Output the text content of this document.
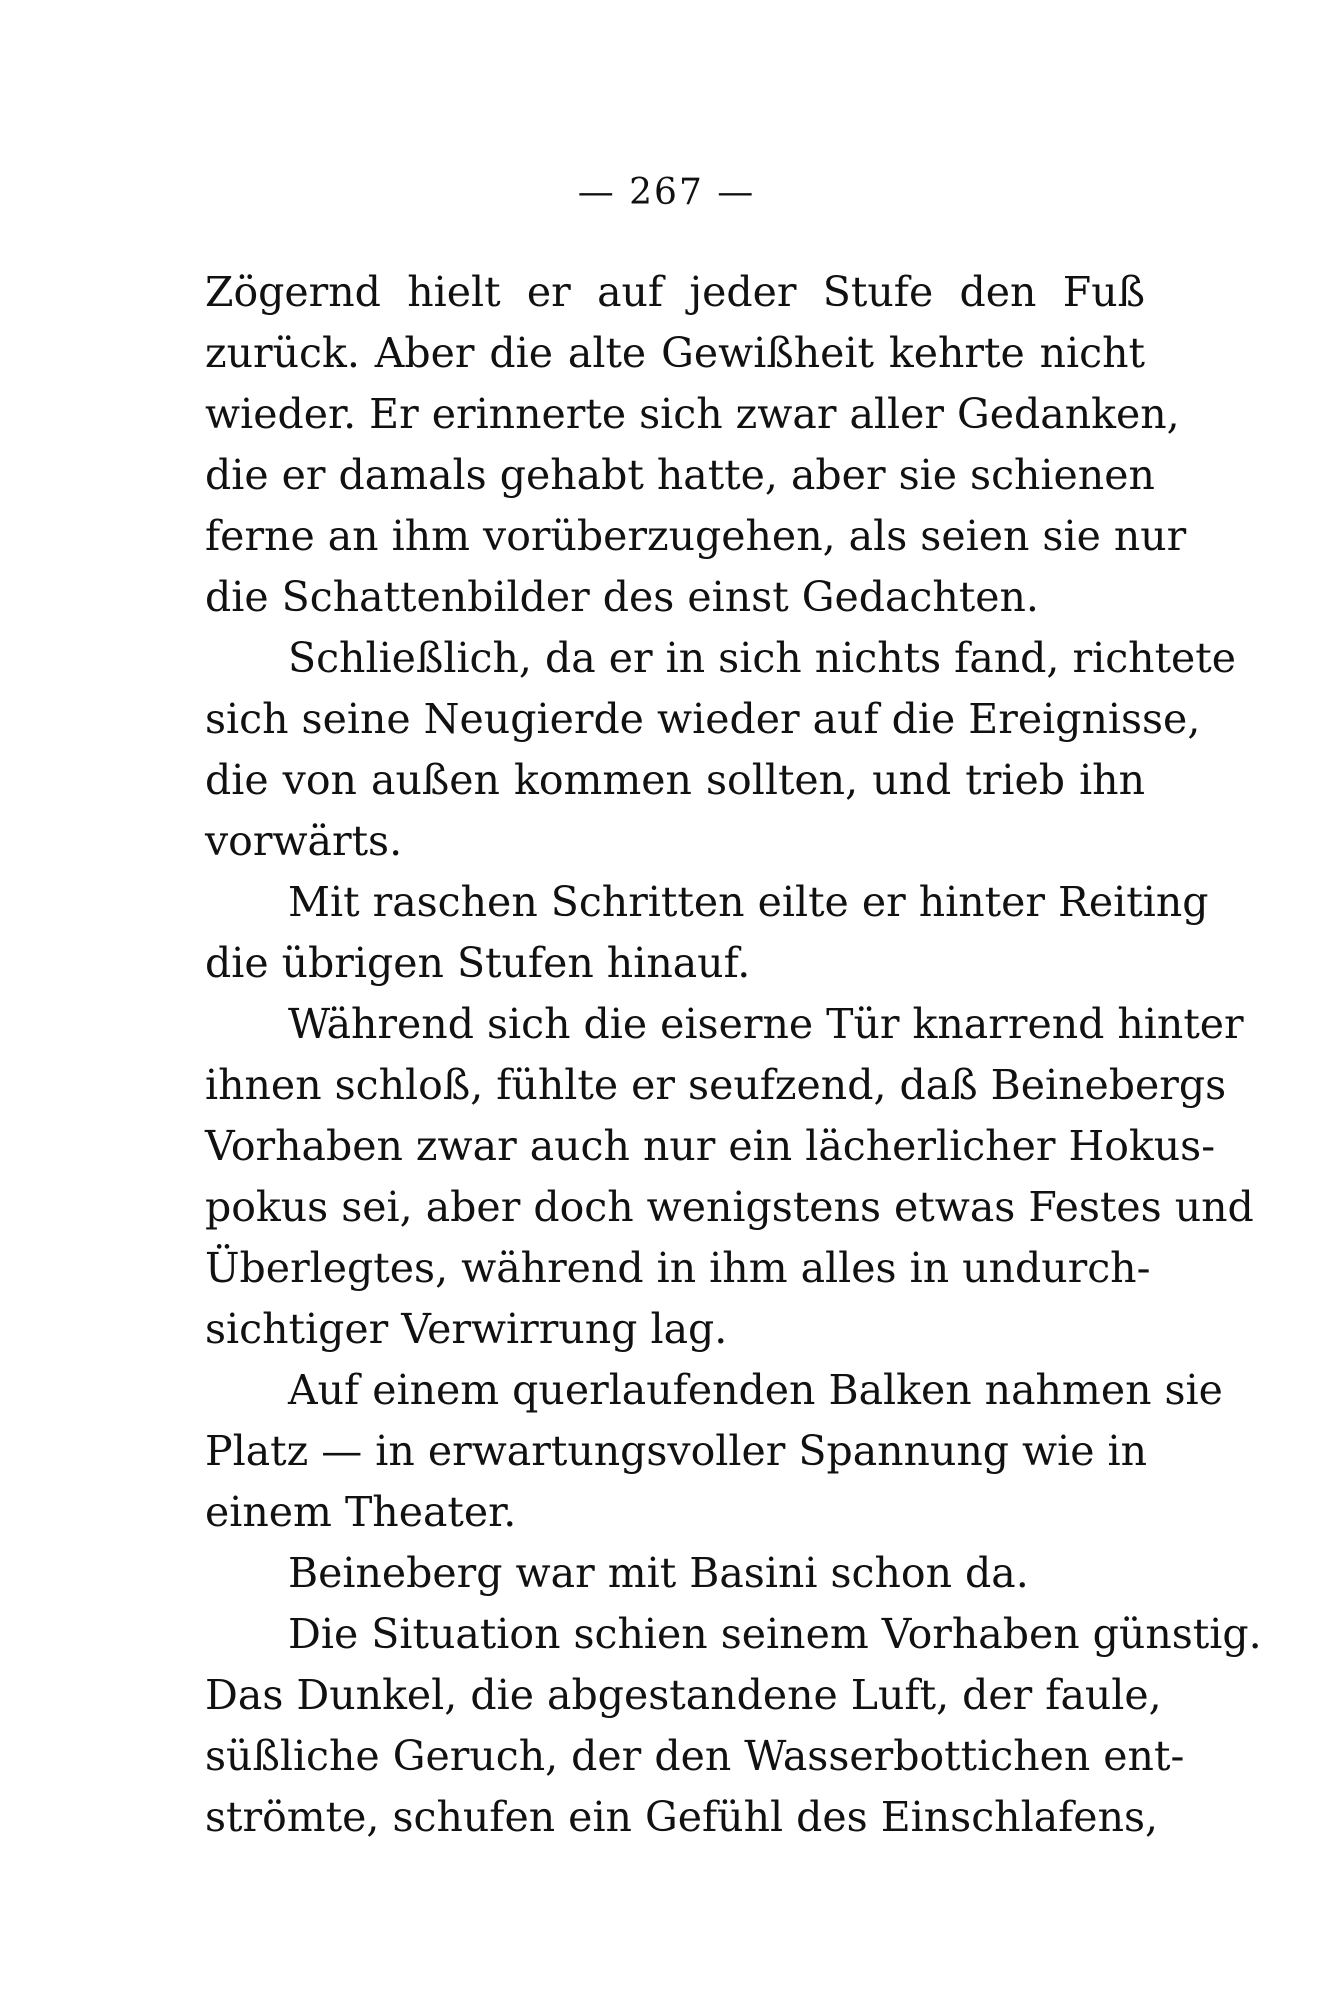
— 267 —
Zögernd hielt er auf jeder Stufe den Fuß
zurück. Aber die alte Gewißheit kehrte nicht
wieder. Er erinnerte sich zwar aller Gedanken,
die er damals gehabt hatte, aber sie schienen
ferne an ihm vorüberzugehen, als seien sie nur
die Schattenbilder des einst Gedachten.
Schließlich, da er in sich nichts fand, richtete
sich seine Neugierde wieder auf die Ereignisse,
die von außen kommen sollten, und trieb ihn
vorwärts.
Mit raschen Schritten eilte er hinter Reiting
die übrigen Stufen hinauf.
Während sich die eiserne Tür knarrend hinter
ihnen schloß, fühlte er seufzend, daß Beinebergs
Vorhaben zwar auch nur ein lächerlicher Hokus-
pokus sei, aber doch wenigstens etwas Festes und
Überlegtes, während in ihm alles in undurch-
sichtiger Verwirrung lag.
Auf einem querlaufenden Balken nahmen sie
Platz — in erwartungsvoller Spannung wie in
einem Theater.
Beineberg war mit Basini schon da.
Die Situation schien seinem Vorhaben günstig.
Das Dunkel, die abgestandene Luft, der faule,
süßliche Geruch, der den Wasserbottichen ent-
strömte, schufen ein Gefühl des Einschlafens,
